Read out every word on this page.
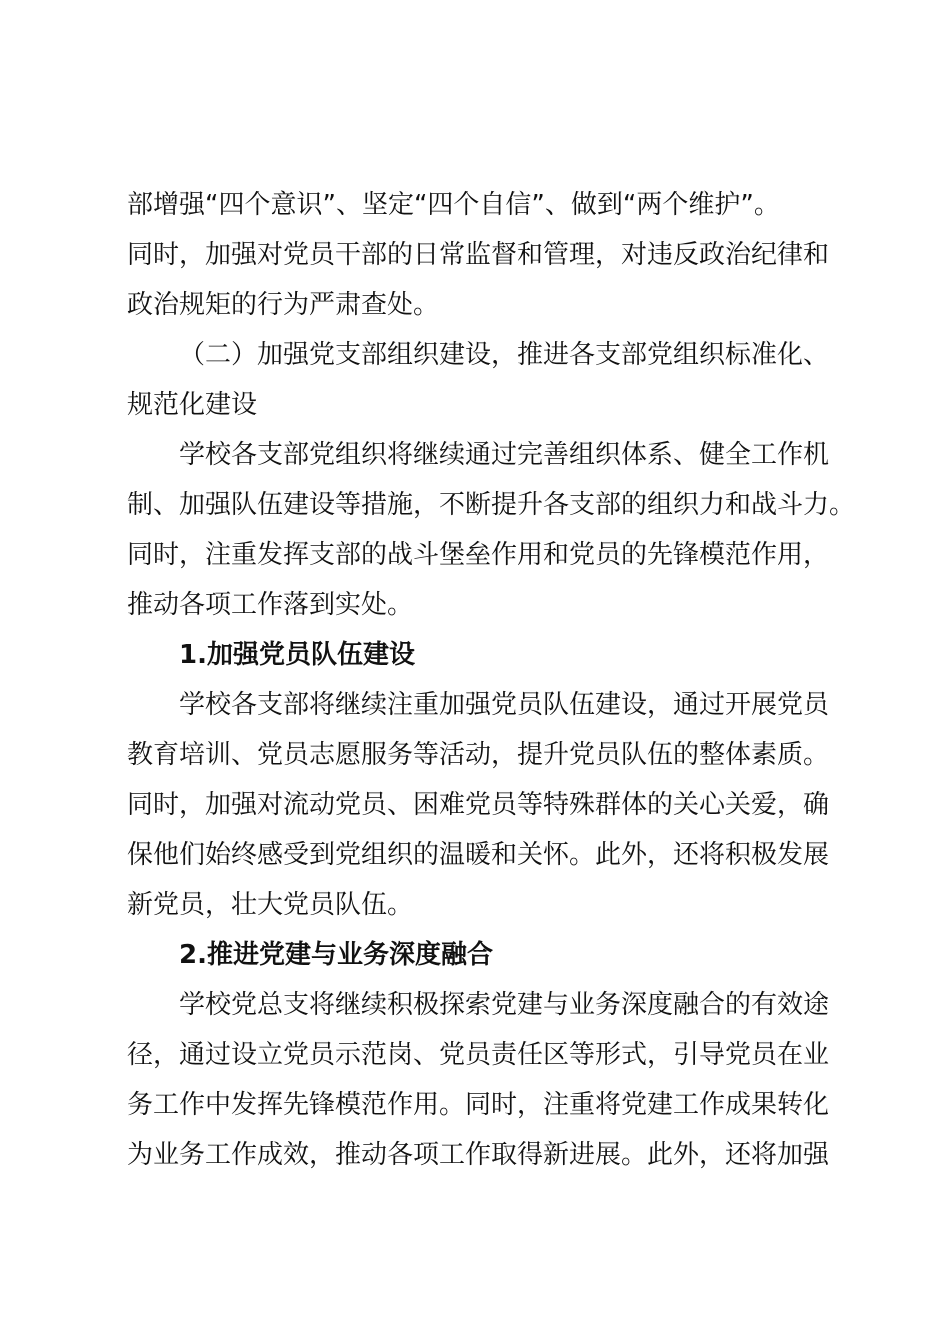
部增强“四个意识”、坚定“四个自信”、做到“两个维护”。
同时，加强对党员干部的日常监督和管理，对违反政治纪律和
政治规矩的行为严肃查处。
（二）加强党支部组织建设，推进各支部党组织标准化、
规范化建设
学校各支部党组织将继续通过完善组织体系、健全工作机
制、加强队伍建设等措施，不断提升各支部的组织力和战斗力。
同时，注重发挥支部的战斗堡垒作用和党员的先锋模范作用，
推动各项工作落到实处。
1.加强党员队伍建设
学校各支部将继续注重加强党员队伍建设，通过开展党员
教育培训、党员志愿服务等活动，提升党员队伍的整体素质。
同时，加强对流动党员、困难党员等特殊群体的关心关爱，确
保他们始终感受到党组织的温暖和关怀。此外，还将积极发展
新党员，壮大党员队伍。
2.推进党建与业务深度融合
学校党总支将继续积极探索党建与业务深度融合的有效途
径，通过设立党员示范岗、党员责任区等形式，引导党员在业
务工作中发挥先锋模范作用。同时，注重将党建工作成果转化
为业务工作成效，推动各项工作取得新进展。此外，还将加强
